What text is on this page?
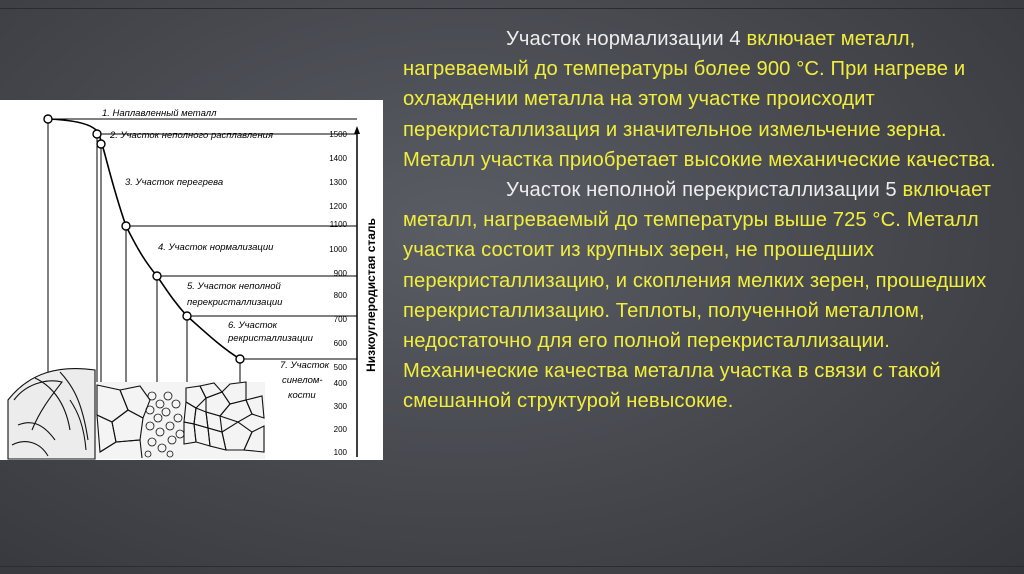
Низкоуглеродистая сталь
1500
1400
1300
1200
1100
1000
900
800
700
600
500
400
300
200
100
1. Наплавленный металл
2. Участок неполного расплавления
3. Участок перегрева
4. Участок нормализации
5. Участок неполной
перекристаллизации
6. Участок
рекристаллизации
7. Участок
синелом-
кости

Участок нормализации 4 включает металл, нагреваемый до температуры более 900 °С. При нагреве и охлаждении металла на этом участке происходит перекристаллизация и значительное измельчение зерна. Металл участка приобретает высокие механические качества.

Участок неполной перекристаллизации 5 включает металл, нагреваемый до температуры выше 725 °С. Металл участка состоит из крупных зерен, не прошедших перекристаллизацию, и скопления мелких зерен, прошедших перекристаллизацию. Теплоты, полученной металлом, недостаточно для его полной перекристаллизации. Механические качества металла участка в связи с такой смешанной структурой невысокие.
